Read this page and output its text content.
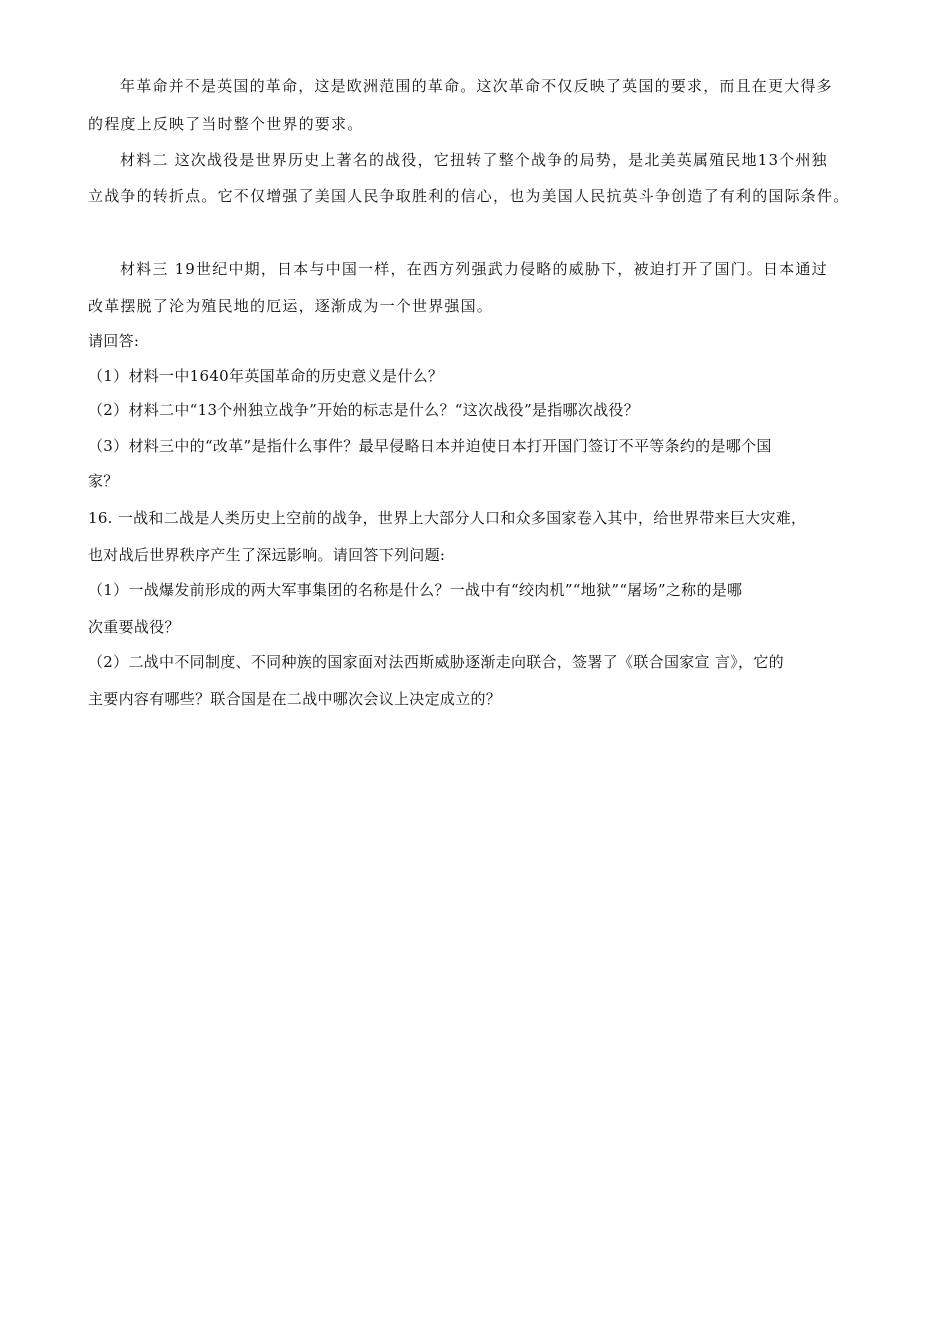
年革命并不是英国的革命，这是欧洲范围的革命。这次革命不仅反映了英国的要求，而且在更大得多
的程度上反映了当时整个世界的要求。
材料二 这次战役是世界历史上著名的战役，它扭转了整个战争的局势，是北美英属殖民地13个州独
立战争的转折点。它不仅增强了美国人民争取胜利的信心，也为美国人民抗英斗争创造了有利的国际条件。
材料三 19世纪中期，日本与中国一样，在西方列强武力侵略的威胁下，被迫打开了国门。日本通过
改革摆脱了沦为殖民地的厄运，逐渐成为一个世界强国。
请回答:
（1）材料一中1640年英国革命的历史意义是什么？
（2）材料二中“13个州独立战争”开始的标志是什么？“这次战役”是指哪次战役？
（3）材料三中的“改革”是指什么事件？最早侵略日本并迫使日本打开国门签订不平等条约的是哪个国
家？
16. 一战和二战是人类历史上空前的战争，世界上大部分人口和众多国家卷入其中，给世界带来巨大灾难，
也对战后世界秩序产生了深远影响。请回答下列问题:
（1）一战爆发前形成的两大军事集团的名称是什么？一战中有“绞肉机”“地狱”“屠场”之称的是哪
次重要战役？
（2）二战中不同制度、不同种族的国家面对法西斯威胁逐渐走向联合，签署了《联合国家宣 言》，它的
主要内容有哪些？联合国是在二战中哪次会议上决定成立的？
